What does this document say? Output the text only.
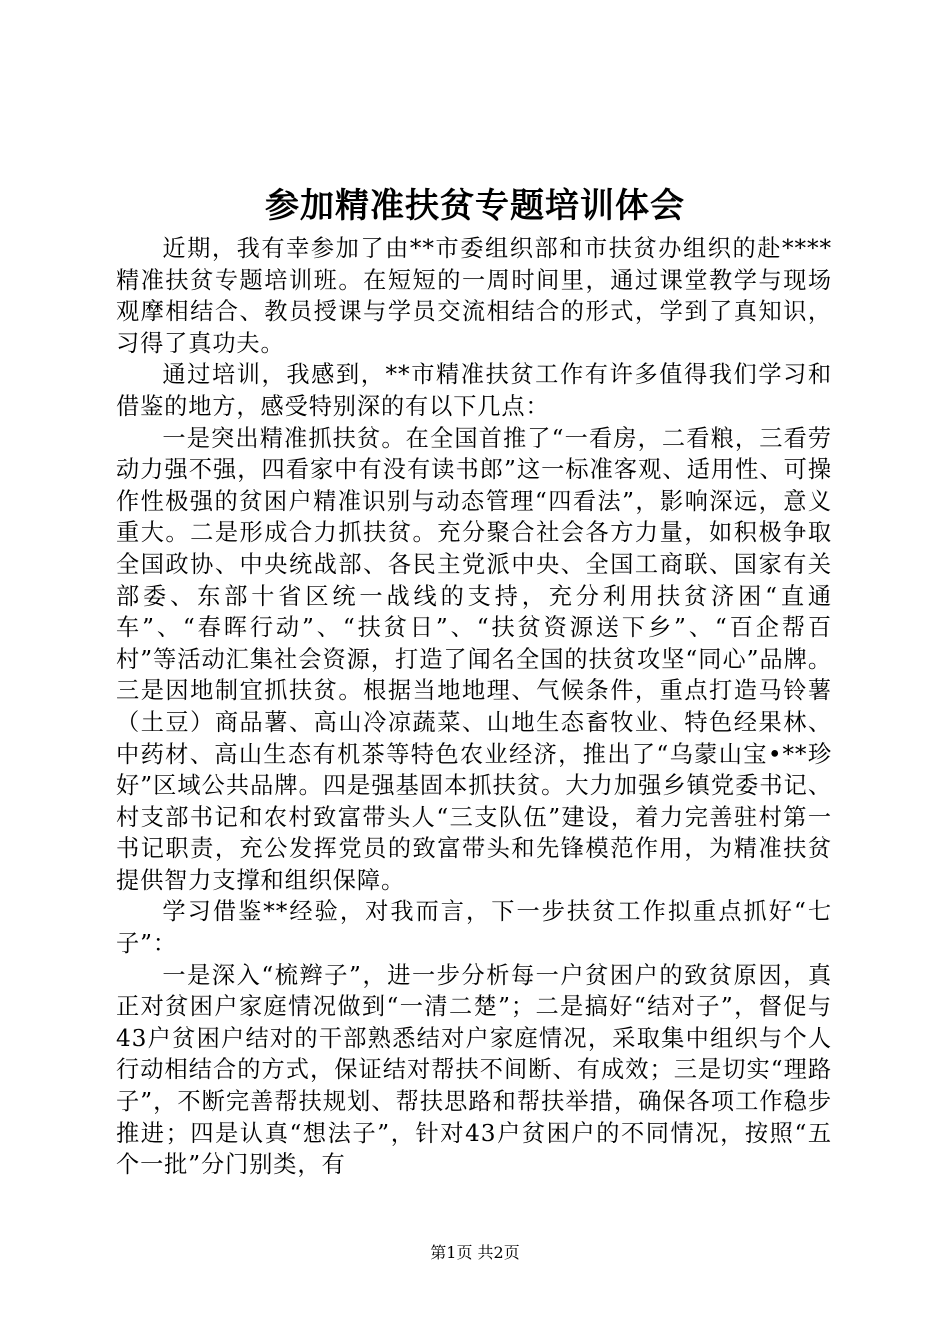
参加精准扶贫专题培训体会

近期，我有幸参加了由**市委组织部和市扶贫办组织的赴****精准扶贫专题培训班。在短短的一周时间里，通过课堂教学与现场观摩相结合、教员授课与学员交流相结合的形式，学到了真知识，习得了真功夫。

通过培训，我感到，**市精准扶贫工作有许多值得我们学习和借鉴的地方，感受特别深的有以下几点：

一是突出精准抓扶贫。在全国首推了“一看房，二看粮，三看劳动力强不强，四看家中有没有读书郎”这一标准客观、适用性、可操作性极强的贫困户精准识别与动态管理“四看法”，影响深远，意义重大。二是形成合力抓扶贫。充分聚合社会各方力量，如积极争取全国政协、中央统战部、各民主党派中央、全国工商联、国家有关部委、东部十省区统一战线的支持，充分利用扶贫济困“直通车”、“春晖行动”、“扶贫日”、“扶贫资源送下乡”、“百企帮百村”等活动汇集社会资源，打造了闻名全国的扶贫攻坚“同心”品牌。三是因地制宜抓扶贫。根据当地地理、气候条件，重点打造马铃薯（土豆）商品薯、高山冷凉蔬菜、山地生态畜牧业、特色经果林、中药材、高山生态有机茶等特色农业经济，推出了“乌蒙山宝•**珍好”区域公共品牌。四是强基固本抓扶贫。大力加强乡镇党委书记、村支部书记和农村致富带头人“三支队伍”建设，着力完善驻村第一书记职责，充公发挥党员的致富带头和先锋模范作用，为精准扶贫提供智力支撑和组织保障。

学习借鉴**经验，对我而言，下一步扶贫工作拟重点抓好“七子”：

一是深入“梳辫子”，进一步分析每一户贫困户的致贫原因，真正对贫困户家庭情况做到“一清二楚”；二是搞好“结对子”，督促与43户贫困户结对的干部熟悉结对户家庭情况，采取集中组织与个人行动相结合的方式，保证结对帮扶不间断、有成效；三是切实“理路子”，不断完善帮扶规划、帮扶思路和帮扶举措，确保各项工作稳步推进；四是认真“想法子”，针对43户贫困户的不同情况，按照“五个一批”分门别类，有

第1页 共2页
